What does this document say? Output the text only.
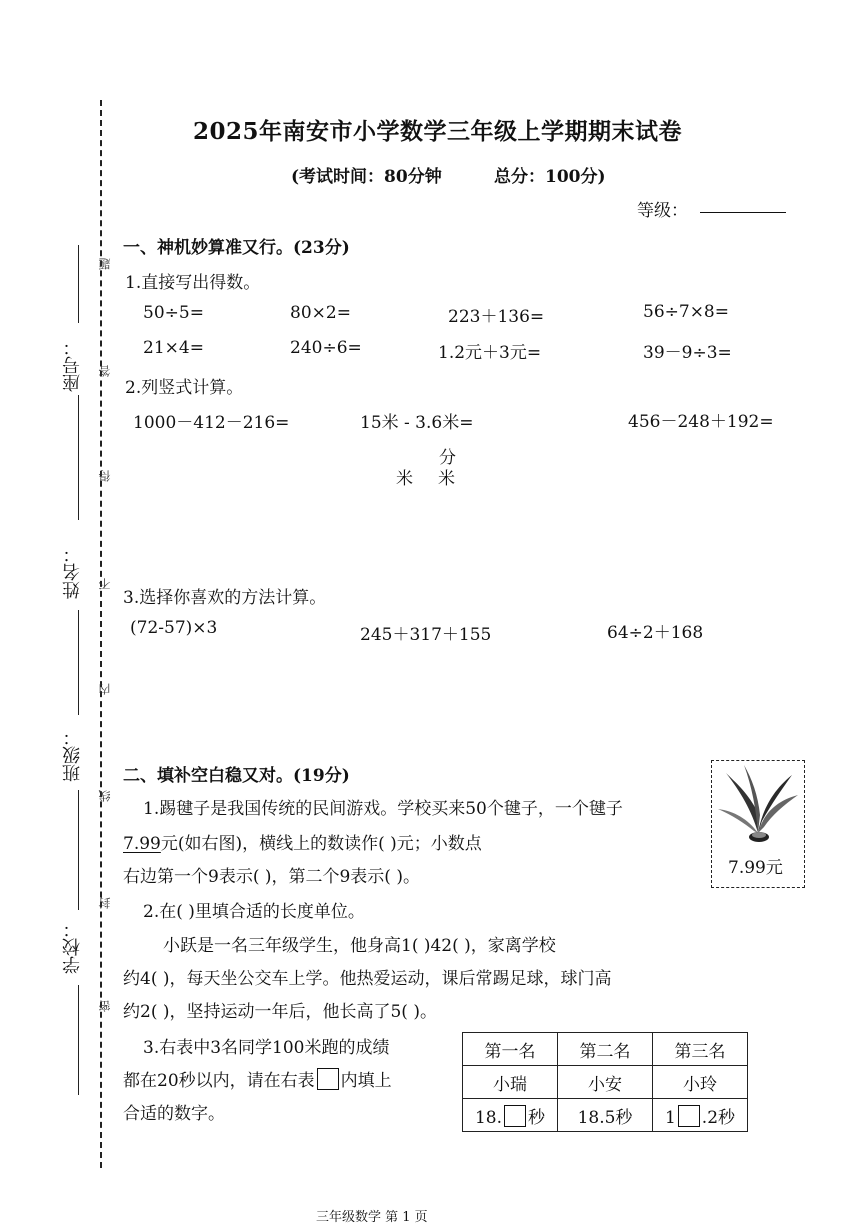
座号：
姓名：
班级：
学校：
题
答
得
不
内
线
封
密
2025年南安市小学数学三年级上学期期末试卷
(考试时间：80分钟	总分：100分)
等级：
一、神机妙算准又行。(23分)
1.直接写出得数。
50÷5=	80×2=	223＋136=	56÷7×8=
21×4=	240÷6=	1.2元＋3元=	39－9÷3=
2.列竖式计算。
1000－412－216=	15米 - 3.6米=	456－248＋192=
分
米 米
3.选择你喜欢的方法计算。
(72-57)×3	245＋317＋155	64÷2＋168
二、填补空白稳又对。(19分)
1.踢毽子是我国传统的民间游戏。学校买来50个毽子，一个毽子
7.99元(如右图)，横线上的数读作( )元；小数点
右边第一个9表示( )，第二个9表示( )。	7.99元
2.在( )里填合适的长度单位。
小跃是一名三年级学生，他身高1( )42( )，家离学校
约4( )，每天坐公交车上学。他热爱运动，课后常踢足球，球门高
约2( )，坚持运动一年后，他长高了5( )。
3.右表中3名同学100米跑的成绩
都在20秒以内，请在右表 内填上
合适的数字。
第一名	第二名	第三名
小瑞	小安	小玲
18. 秒	18.5秒	1 .2秒
三年级数学 第 1 页
